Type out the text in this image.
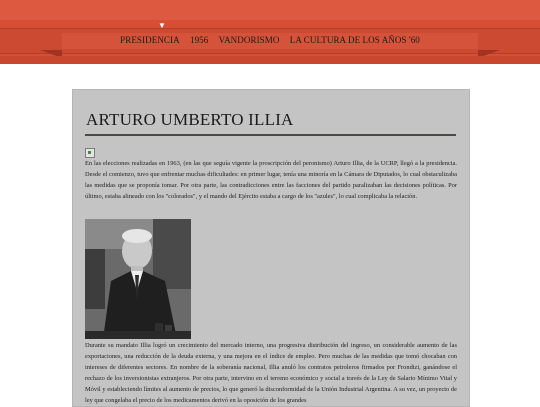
▼
PRESIDENCIA 1956 VANDORISMO LA CULTURA DE LOS AÑOS '60
ARTURO UMBERTO ILLIA

En las elecciones realizadas en 1963, (en las que seguía vigente la proscripción del peronismo) Arturo Illia, de la UCRP, llegó a la presidencia. Desde el comienzo, tuvo que enfrentar muchas dificultades: en primer lugar, tenía una minoría en la Cámara de Diputados, lo cual obstaculizaba las medidas que se proponía tomar. Por otra parte, las contradicciones entre las facciones del partido paralizaban las decisiones políticas. Por último, estaba alineado con los "colorados", y el mando del Ejército estaba a cargo de los "azules", lo cual complicaba la relación.

Durante su mandato Illia logró un crecimiento del mercado interno, una progresiva distribución del ingreso, un considerable aumento de las exportaciones, una reducción de la deuda externa, y una mejora en el índice de empleo. Pero muchas de las medidas que tomó chocaban con intereses de diferentes sectores. En nombre de la soberanía nacional, Illia anuló los contratos petroleros firmados por Frondizi, ganándose el rechazo de los inversionistas extranjeros. Por otra parte, intervino en el terreno económico y social a través de la Ley de Salario Mínimo Vital y Móvil y estableciendo límites al aumento de precios, lo que generó la disconformidad de la Unión Industrial Argentina. A su vez, un proyecto de ley que congelaba el precio de los medicamentos derivó en la oposición de los grandes
